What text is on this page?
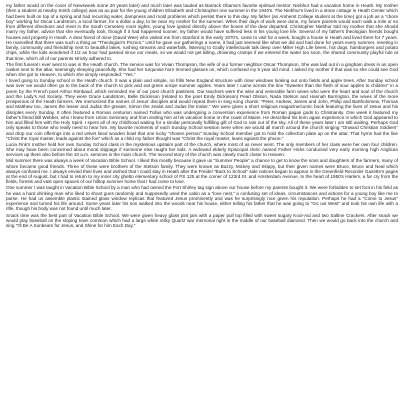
my father would on the cover of Newsweek some 20 years later) and much later was lauded as Barrack Obama's favorite spiritual mentor. Niebhur had a vacation home in Heath. My mother (then a student at nearby Smith college) was as au pair for the young children Elisabeth and Christopher one summer in the 1940's. The Niebhur's lived in a stone cottage in Heath Center which had been built on top of a spring and had recurring water, dampness and mold problems which persist there to this day. My father (an Amherst College student at the time) got a job as a "chore boy" working for Oscar Landstrom, a local farmer, for a dollar a day, to be near my mother for the summer. When their days of work were done, my future parents would each walk a mile or so from different directions and meet in the South Cemetery most nights, young love ignited directly above the bones of the dear departed. Christopher Niebhur told my mother that she should marry my father, advice that she eventually took, though if it had happened sooner, my father would have suffered less in his young love life. Several of my father's theologian friends bought houses and property in Heath. A dear friend of mine (David Wee) who visited me from Stanford in the early 1970's, came to visit for a week, bought a house in Heath and lived there for 7 years. He marvelled that there was such a thing as "Theologian's Picnics." Until he gave our gatherings a name, it had just seemed like what we did and had done for years every summer, meeting in family, community and friendship next to beautiful lakes, rushing streams and waterfalls, listening to Godly intellectuals talk deep over Miller High Life beers, hot dogs, hamburgers and potato chips, while the kids wondered if 1/2 an hour had passed since our meals, so we would not get killing, drowning cramps if we entered the water too soon, the shared community playful rule at that time, which all of our parents strictly adhered to.

The first funeral I ever went to was in the Heath church. The service was for Vivian Thompson, the wife of our former neighbor Oscar Thompson. She was laid out in a gingham dress in an open casket next to the altar, seemingly sleeping peacefully. She had her turquoise horn rimmed glasses on, which confused my 5 year old mind. I asked my mother if that was so she could see God when she got to Heaven, to which she simply responded: "Yes."

I loved going to Sunday school in the Heath church. It was a plain and simple, no frills New England structure with clear windows looking out onto fields and apple trees. After Sunday school was over we would often go to the back of the church to pick and eat green unripe summer apples. Years later I came across the line "Sweeter than the flesh of sour apples to children" in a poem by the French poet Arthur Rimbaud, which reminded me of our post church pastimes. Our teachers were the wise and venerable farm wives who were the heart and soul of the church and the Lady's Aid Society. They were Grace Landstrom, Belle Dickinson (related to the poet Emily Dickinson) Pearl Olsson, Nada Stetson and Hannah Burrington, the wives of the more prosperous of the Heath farmers. We memorized the names of Jesus' disciples and would repeat them in sing song chants: "Peter, Andrew, James and John, Philip and Bartholomew, Thomas and Matthew too, James the lesser and Judas the greater, Simon the zealot and Judas the traitor." We were given a short religious magazine/comic book featuring the lives of Jesus and his disciples every Sunday. It often featured a Roman centurion named Tullus who was undergoing a conversion experience from Roman pagan gods to Christianity. One week it featured my father's friend Bill Webber, who I knew from Union Seminary and from visiting him at his vacation home on the coast of Maine. He described his born again experience in which God appeared to him and filled him with the Holy Spirit. I spent all of my childhood waiting for a similar personally fulfilling gift of God to rain out of the sky. All of these years later I am still waiting. Perhaps God only speaks to those who really need to hear him. My favorite moments of each Sunday School session were when we would all march around the church singing "Onward Christian Soldiers" and drop our coin offerings into a red velvet lined wooden bowl that one lucky "chosen person" Sunday School member got to hold the collection plate up on the altar. That hymn had the line "Christ the royal master, leads against the foe" which as a child my father thought was "Christ the royal master, leans against the phone."

Lucia Fink's mother held her own Sunday School class in the mysterious upstairs part of the church, where most of us never went. The only members of her class were her own four children. She may have been concerned about moral slippage if someone else taught her kids. A widowed elderly Episcopal cleric named Father Hicks conducted very early morning high Anglican services up there also before the 10 a.m. services in the main church. The second story of the church was clearly much closer to Heaven.

Mid summer there was always a week of Vacation Bible School. I liked this mostly because it gave us "Summer People" a chance to get to know the sons and daughters of the farmers, many of whom became good friends. Three of these were brothers of the Stetson family. They were known as Buzzy, Mickey and Skippy, but their given names were Bruce, Bruce and Neal which always confused me. I always envied their lives and wished that I could stay in Heath after the Freidel "Back to School" sale notices began to appear in the Greenfield Recorder Gazette's pages at the end of August, but I had to return to my inner city ghetto elementary school of PS 125 at the corner of 123rd St. and Amsterdam Avenue. In the heart of 1950's Harlem, a far cry from the fields, forests and vast open spaces of our hilltop summer home that I had come to love.

One summer I was taught in Vacation Bible School by a man who had owned the Fort Shirley tag sign above our house before my parents bought it. We were forbidden to set foot in his field as he was a hard drinking man who liked to shoot guns randomly and supposedly used the cabin as a "love nest," a confusing set of ideas, circumstances and actions for a young boy like me to parse. He had us assemble plastic stained glass window replicas that featured Jesus prominently and was he surprisingly nice given his reputation. Perhaps he had a "Come to Jesus" experience and turned his life around. Some years later his son walked into the woods near his house, either telling his father that he was going to "Go out West" and took his own life with a rifle, though his body was not found until much later.

Snack time was the best part of Vacation Bible School. We were given heavy glass pint jars with a paper pull top filled with sweet sugary Kool-Aid and two Saltine Crackers. After snack we would play baseball on the sloping town common which had a large white milky Quartz war memorial right in the middle of our baseball diamond. Then we would go back into the church and sing "I'll Be A Sunbeam for Jesus, and Shine for him Each Day."
